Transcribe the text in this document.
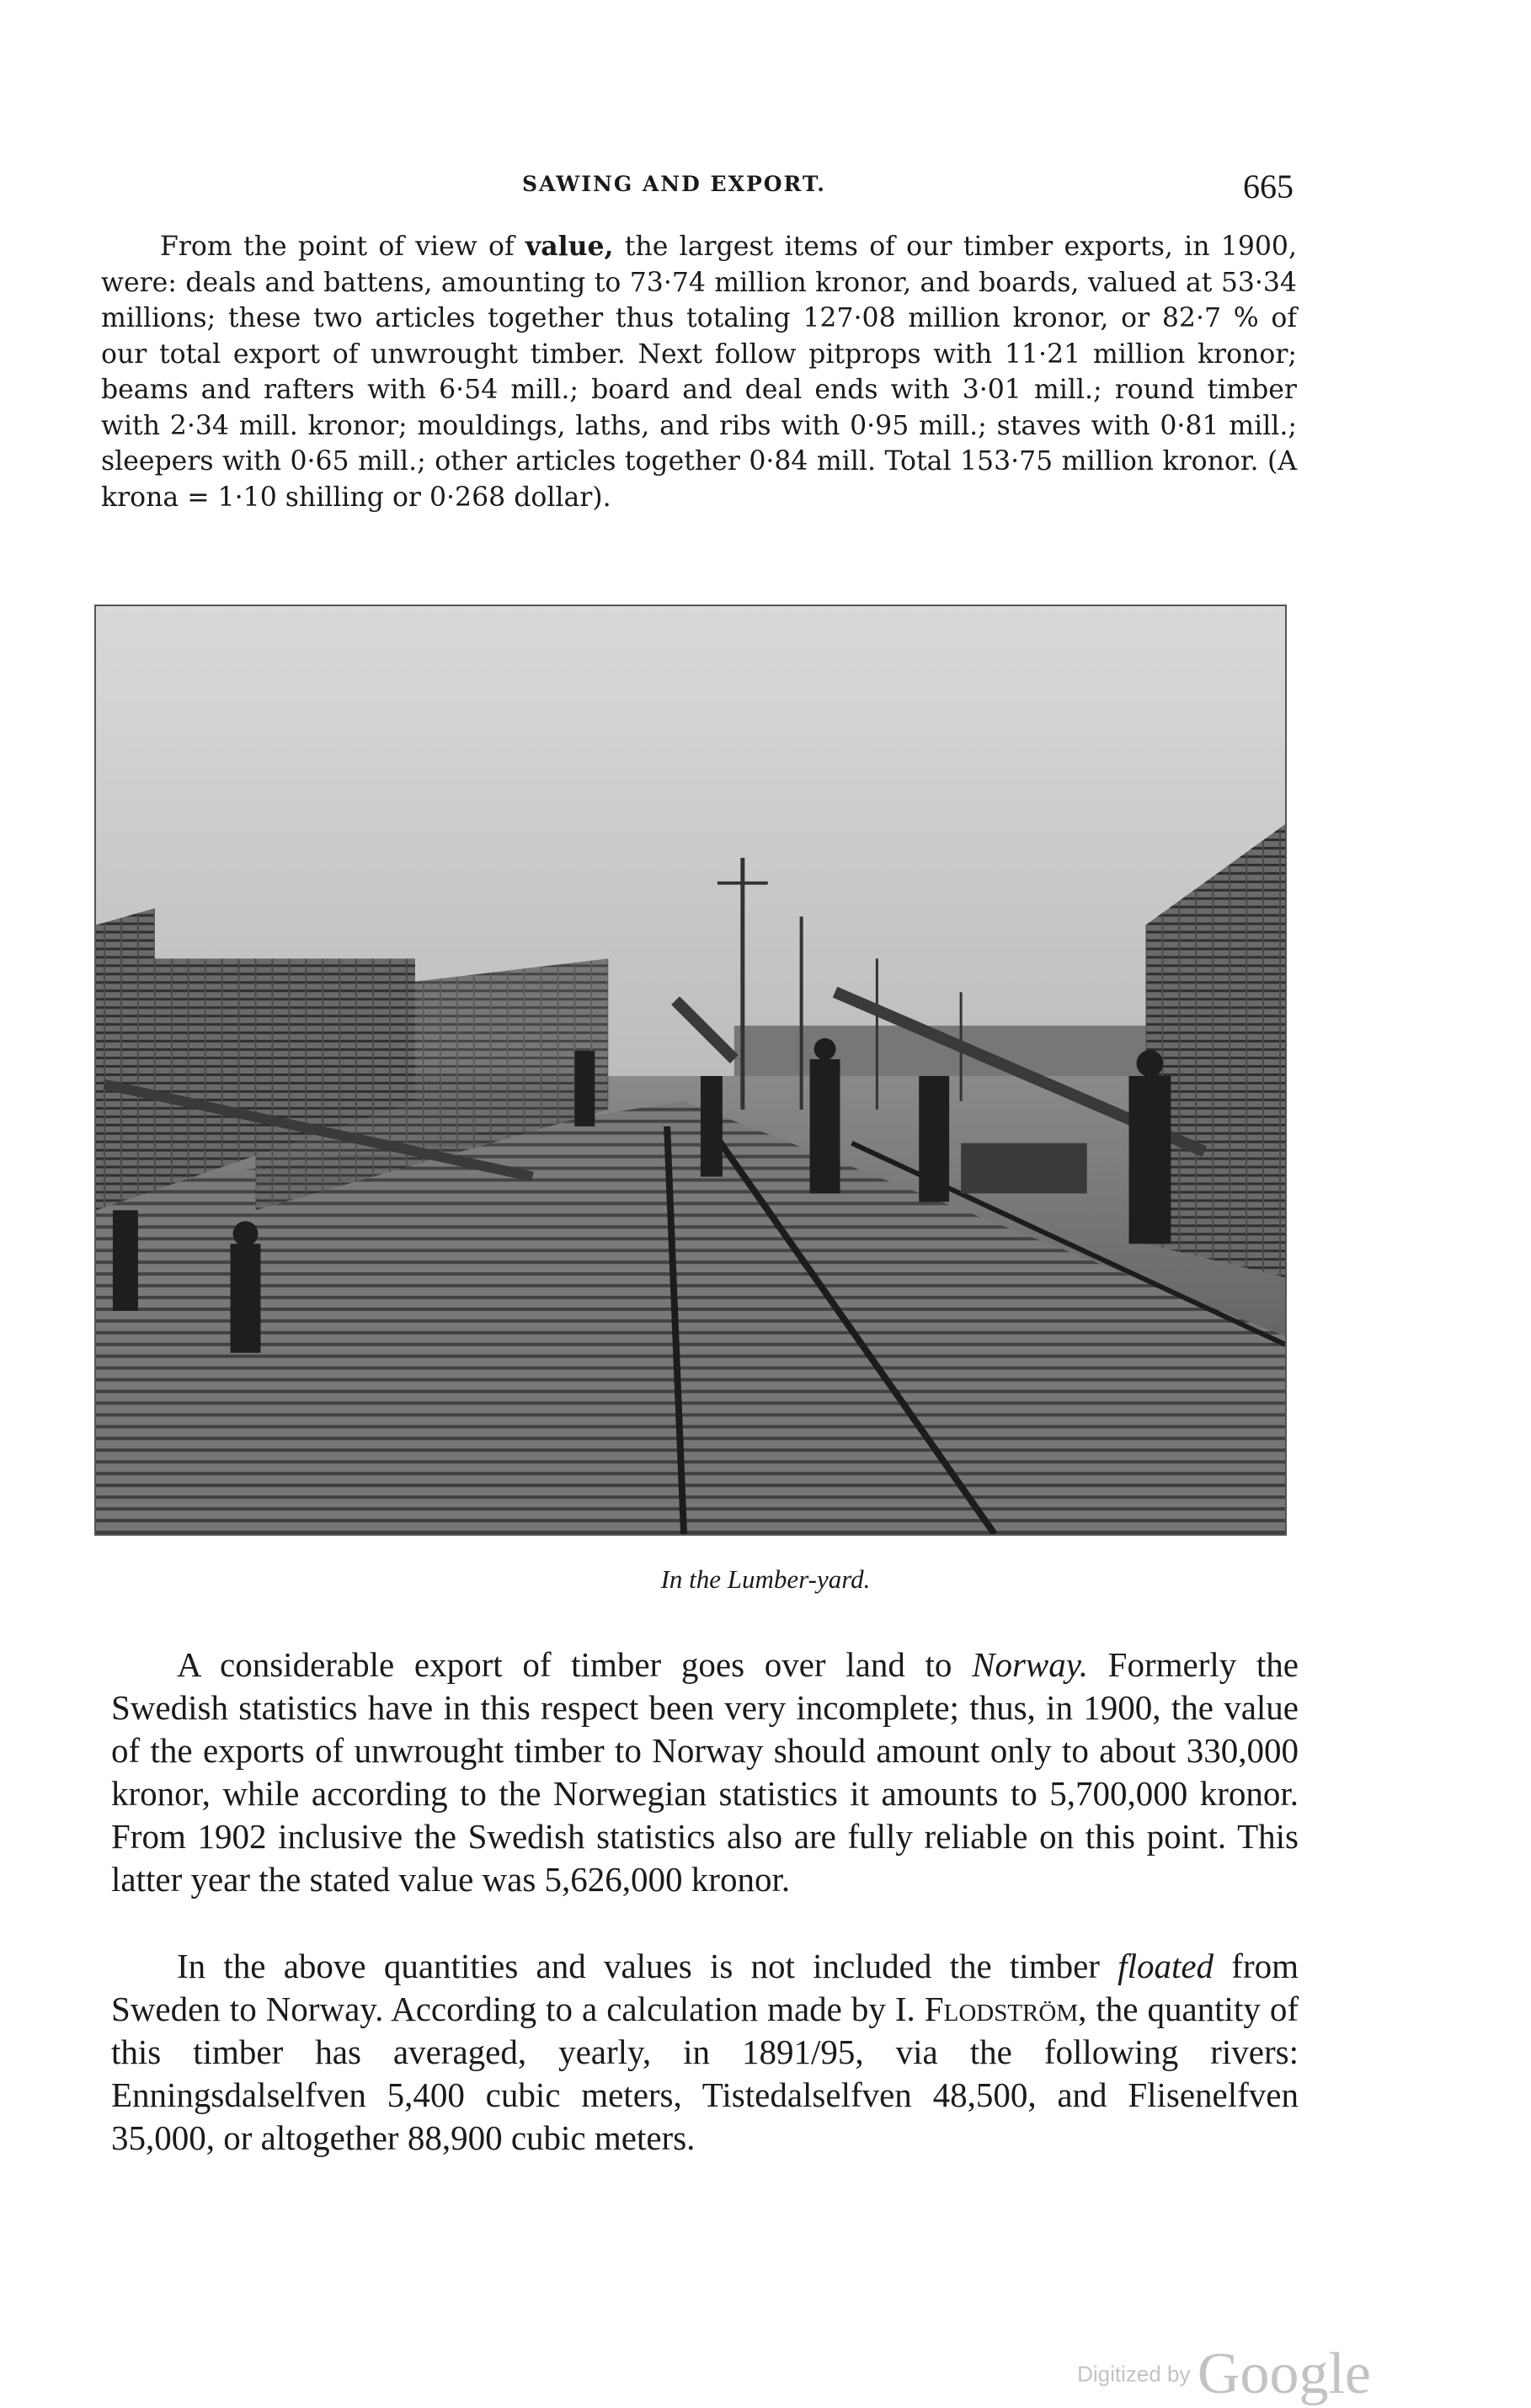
SAWING AND EXPORT.	665

From the point of view of value, the largest items of our timber exports, in 1900, were: deals and battens, amounting to 73·74 million kronor, and boards, valued at 53·34 millions; these two articles together thus totaling 127·08 million kronor, or 82·7 % of our total export of unwrought timber. Next follow pitprops with 11·21 million kronor; beams and rafters with 6·54 mill.; board and deal ends with 3·01 mill.; round timber with 2·34 mill. kronor; mouldings, laths, and ribs with 0·95 mill.; staves with 0·81 mill.; sleepers with 0·65 mill.; other articles together 0·84 mill. Total 153·75 million kronor. (A krona = 1·10 shilling or 0·268 dollar).

In the Lumber-yard.

A considerable export of timber goes over land to Norway. Formerly the Swedish statistics have in this respect been very incomplete; thus, in 1900, the value of the exports of unwrought timber to Norway should amount only to about 330,000 kronor, while according to the Norwegian statistics it amounts to 5,700,000 kronor. From 1902 inclusive the Swedish statistics also are fully reliable on this point. This latter year the stated value was 5,626,000 kronor.

In the above quantities and values is not included the timber floated from Sweden to Norway. According to a calculation made by I. Flodström, the quantity of this timber has averaged, yearly, in 1891/95, via the following rivers: Enningsdalselfven 5,400 cubic meters, Tistedalselfven 48,500, and Flisenelfven 35,000, or altogether 88,900 cubic meters.

Digitized by Google
